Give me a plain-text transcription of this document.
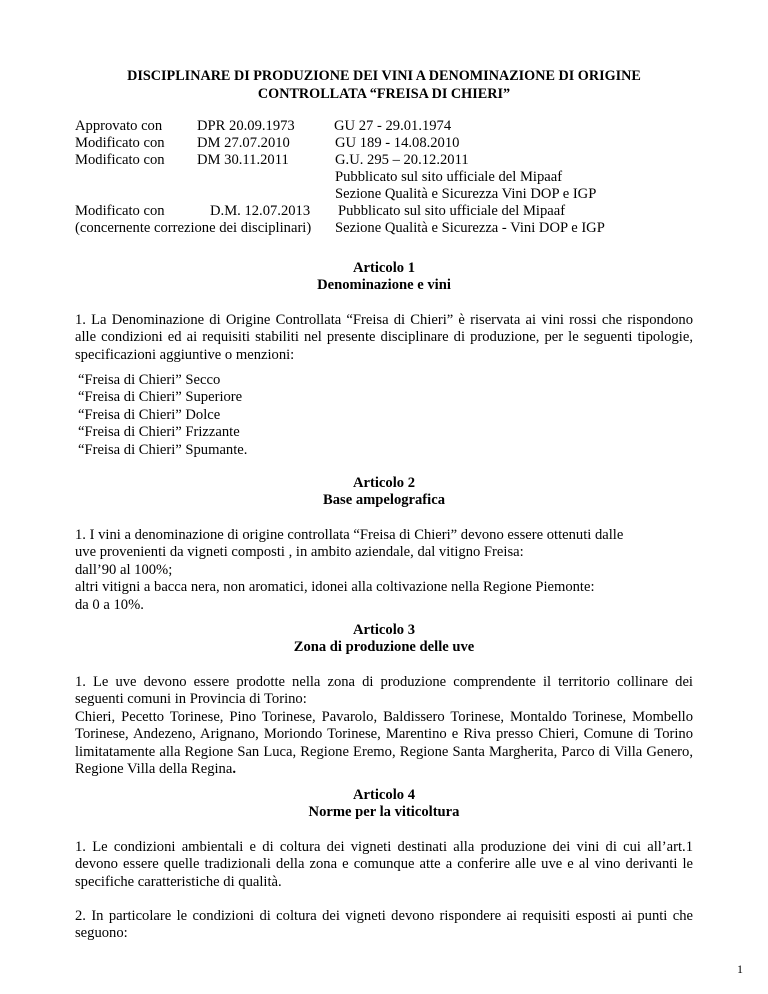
DISCIPLINARE DI PRODUZIONE DEI VINI A DENOMINAZIONE DI ORIGINE
CONTROLLATA “FREISA DI CHIERI”
Approvato con DPR 20.09.1973	GU 27 - 29.01.1974
Modificato con DM 27.07.2010	GU 189 - 14.08.2010
Modificato con DM 30.11.2011	G.U. 295 – 20.12.2011
Pubblicato sul sito ufficiale del Mipaaf
Sezione Qualità e Sicurezza Vini DOP e IGP
Modificato con	D.M. 12.07.2013 Pubblicato sul sito ufficiale del Mipaaf
(concernente correzione dei disciplinari) Sezione Qualità e Sicurezza - Vini DOP e IGP
Articolo 1
Denominazione e vini
1. La Denominazione di Origine Controllata “Freisa di Chieri” è riservata ai vini rossi che rispondono alle condizioni ed ai requisiti stabiliti nel presente disciplinare di produzione, per le seguenti tipologie, specificazioni aggiuntive o menzioni:
“Freisa di Chieri” Secco
“Freisa di Chieri” Superiore
“Freisa di Chieri” Dolce
“Freisa di Chieri” Frizzante
“Freisa di Chieri” Spumante.
Articolo 2
Base ampelografica
1. I vini a denominazione di origine controllata “Freisa di Chieri” devono essere ottenuti dalle
uve provenienti da vigneti composti , in ambito aziendale, dal vitigno Freisa:
dall’90 al 100%;
altri vitigni a bacca nera, non aromatici, idonei alla coltivazione nella Regione Piemonte:
da 0 a 10%.
Articolo 3
Zona di produzione delle uve
1. Le uve devono essere prodotte nella zona di produzione comprendente il territorio collinare dei seguenti comuni in Provincia di Torino:
Chieri, Pecetto Torinese, Pino Torinese, Pavarolo, Baldissero Torinese, Montaldo Torinese, Mombello Torinese, Andezeno, Arignano, Moriondo Torinese, Marentino e Riva presso Chieri, Comune di Torino limitatamente alla Regione San Luca, Regione Eremo, Regione Santa Margherita, Parco di Villa Genero, Regione Villa della Regina.
Articolo 4
Norme per la viticoltura
1. Le condizioni ambientali e di coltura dei vigneti destinati alla produzione dei vini di cui all’art.1 devono essere quelle tradizionali della zona e comunque atte a conferire alle uve e al vino derivanti le specifiche caratteristiche di qualità.
2. In particolare le condizioni di coltura dei vigneti devono rispondere ai requisiti esposti ai punti che seguono:
1
